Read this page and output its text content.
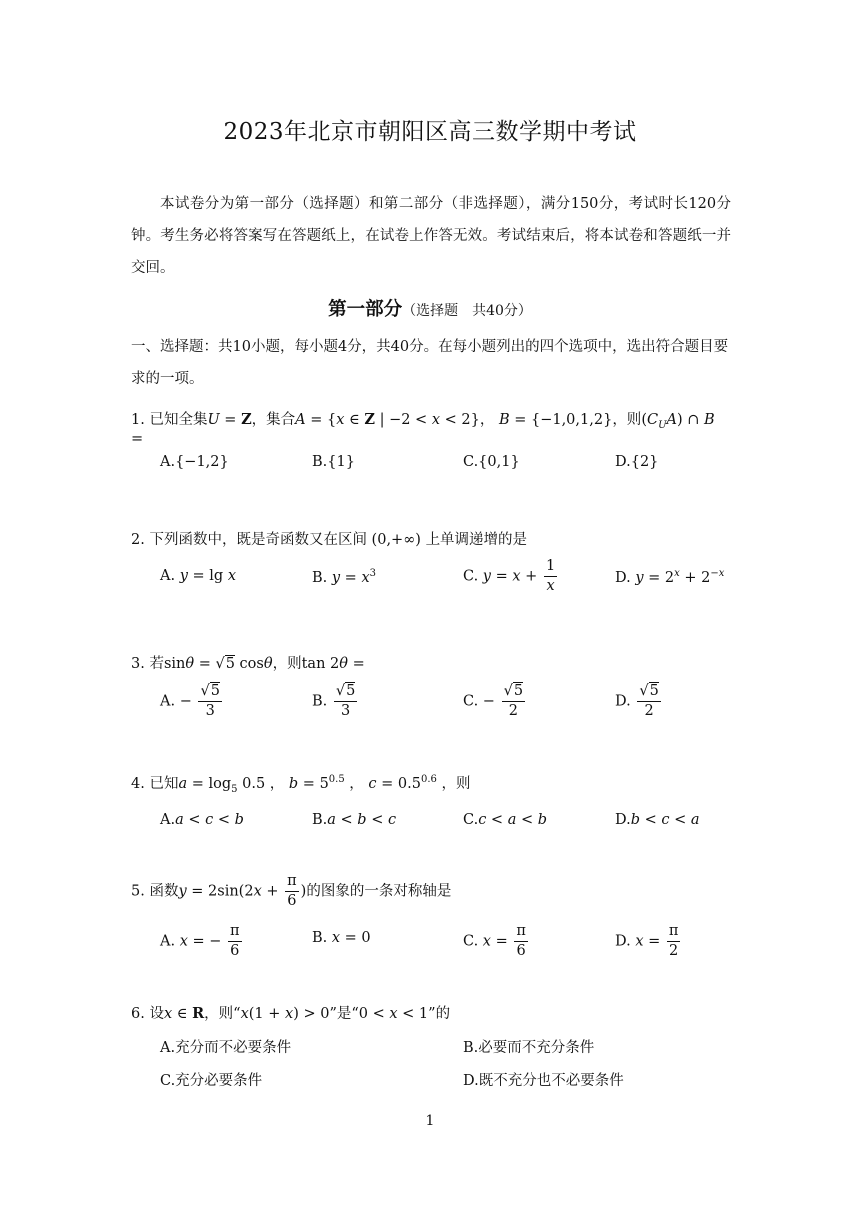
2023年北京市朝阳区高三数学期中考试
本试卷分为第一部分（选择题）和第二部分（非选择题），满分150分，考试时长120分钟。考生务必将答案写在答题纸上，在试卷上作答无效。考试结束后，将本试卷和答题纸一并交回。
第一部分（选择题　共40分）
一、选择题：共10小题，每小题4分，共40分。在每小题列出的四个选项中，选出符合题目要求的一项。
1. 已知全集U = Z，集合A = {x ∈ Z | −2 < x < 2}， B = {−1,0,1,2}，则$(C_UA)$ ∩ B =
A.{−1,2}	B.{1}	C.{0,1}	D.{2}
2. 下列函数中，既是奇函数又在区间 (0,+∞) 上单调递增的是
A. y = lg x	B. $y = x^3$	C. $y = x + \frac{1}{x}$	D. $y = 2^x + 2^{-x}$
3. 若sinθ = √5 cosθ，则tan 2θ =
A. − $\frac{√5}{3}$	B. $\frac{√5}{3}$	C. − $\frac{√5}{2}$	D. $\frac{√5}{2}$
4. 已知$a = \log_5 0.5$ ， $b = 5^{0.5}$ ， $c = 0.5^{0.6}$ ，则
A.a < c < b	B.a < b < c	C.c < a < b	D.b < c < a
5. 函数$y = 2\sin(2x + \frac{\pi}{6}$ )的图象的一条对称轴是
A. x = − $\frac{\pi}{6}$	B. x = 0	C. $x = \frac{\pi}{6}$	D. $x = \frac{\pi}{2}$
6. 设x ∈ R，则“x(1 + x) > 0”是“0 < x < 1”的
A.充分而不必要条件	B.必要而不充分条件
C.充分必要条件	D.既不充分也不必要条件
1
